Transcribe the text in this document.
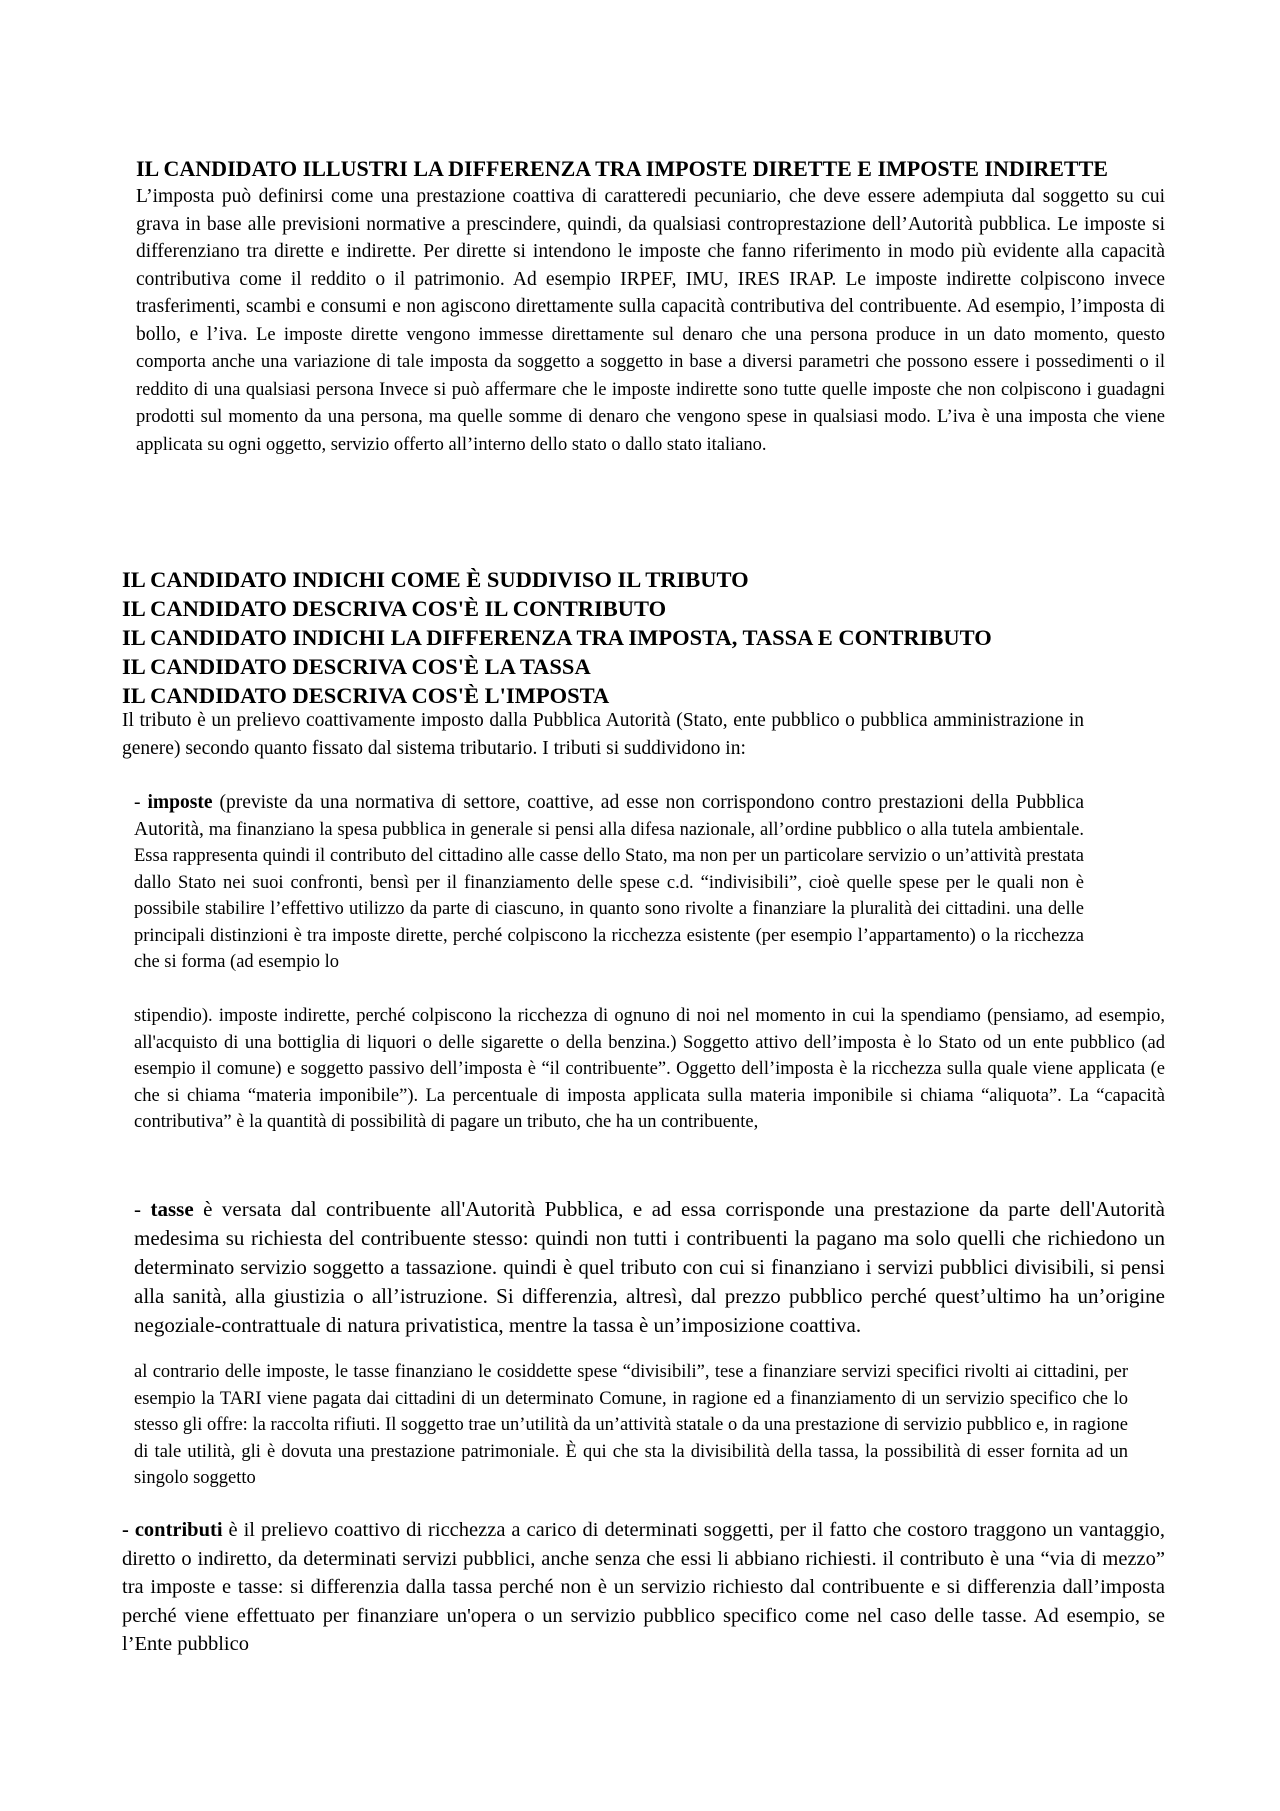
IL CANDIDATO ILLUSTRI LA DIFFERENZA TRA IMPOSTE DIRETTE E IMPOSTE INDIRETTE

L’imposta può definirsi come una prestazione coattiva di caratteredi pecuniario, che deve essere adempiuta dal soggetto su cui grava in base alle previsioni normative a prescindere, quindi, da qualsiasi controprestazione dell’Autorità pubblica. Le imposte si differenziano tra dirette e indirette. Per dirette si intendono le imposte che fanno riferimento in modo più evidente alla capacità contributiva come il reddito o il patrimonio. Ad esempio IRPEF, IMU, IRES IRAP. Le imposte indirette colpiscono invece trasferimenti, scambi e consumi e non agiscono direttamente sulla capacità contributiva del contribuente. Ad esempio, l’imposta di bollo, e l’iva. Le imposte dirette vengono immesse direttamente sul denaro che una persona produce in un dato momento, questo comporta anche una variazione di tale imposta da soggetto a soggetto in base a diversi parametri che possono essere i possedimenti o il reddito di una qualsiasi persona Invece si può affermare che le imposte indirette sono tutte quelle imposte che non colpiscono i guadagni prodotti sul momento da una persona, ma quelle somme di denaro che vengono spese in qualsiasi modo. L’iva è una imposta che viene applicata su ogni oggetto, servizio offerto all’interno dello stato o dallo stato italiano.

IL CANDIDATO INDICHI COME È SUDDIVISO IL TRIBUTO
IL CANDIDATO DESCRIVA COS'È IL CONTRIBUTO
IL CANDIDATO INDICHI LA DIFFERENZA TRA IMPOSTA, TASSA E CONTRIBUTO
IL CANDIDATO DESCRIVA COS'È LA TASSA
IL CANDIDATO DESCRIVA COS'È L'IMPOSTA

Il tributo è un prelievo coattivamente imposto dalla Pubblica Autorità (Stato, ente pubblico o pubblica amministrazione in genere) secondo quanto fissato dal sistema tributario. I tributi si suddividono in:

- imposte (previste da una normativa di settore, coattive, ad esse non corrispondono contro prestazioni della Pubblica Autorità, ma finanziano la spesa pubblica in generale si pensi alla difesa nazionale, all’ordine pubblico o alla tutela ambientale. Essa rappresenta quindi il contributo del cittadino alle casse dello Stato, ma non per un particolare servizio o un’attività prestata dallo Stato nei suoi confronti, bensì per il finanziamento delle spese c.d. “indivisibili”, cioè quelle spese per le quali non è possibile stabilire l’effettivo utilizzo da parte di ciascuno, in quanto sono rivolte a finanziare la pluralità dei cittadini. una delle principali distinzioni è tra imposte dirette, perché colpiscono la ricchezza esistente (per esempio l’appartamento) o la ricchezza che si forma (ad esempio lo

stipendio). imposte indirette, perché colpiscono la ricchezza di ognuno di noi nel momento in cui la spendiamo (pensiamo, ad esempio, all'acquisto di una bottiglia di liquori o delle sigarette o della benzina.) Soggetto attivo dell’imposta è lo Stato od un ente pubblico (ad esempio il comune) e soggetto passivo dell’imposta è “il contribuente”. Oggetto dell’imposta è la ricchezza sulla quale viene applicata (e che si chiama “materia imponibile”). La percentuale di imposta applicata sulla materia imponibile si chiama “aliquota”. La “capacità contributiva” è la quantità di possibilità di pagare un tributo, che ha un contribuente,

- tasse è versata dal contribuente all'Autorità Pubblica, e ad essa corrisponde una prestazione da parte dell'Autorità medesima su richiesta del contribuente stesso: quindi non tutti i contribuenti la pagano ma solo quelli che richiedono un determinato servizio soggetto a tassazione. quindi è quel tributo con cui si finanziano i servizi pubblici divisibili, si pensi alla sanità, alla giustizia o all’istruzione. Si differenzia, altresì, dal prezzo pubblico perché quest’ultimo ha un’origine negoziale-contrattuale di natura privatistica, mentre la tassa è un’imposizione coattiva.

al contrario delle imposte, le tasse finanziano le cosiddette spese “divisibili”, tese a finanziare servizi specifici rivolti ai cittadini, per esempio la TARI viene pagata dai cittadini di un determinato Comune, in ragione ed a finanziamento di un servizio specifico che lo stesso gli offre: la raccolta rifiuti. Il soggetto trae un’utilità da un’attività statale o da una prestazione di servizio pubblico e, in ragione di tale utilità, gli è dovuta una prestazione patrimoniale. È qui che sta la divisibilità della tassa, la possibilità di esser fornita ad un singolo soggetto

- contributi è il prelievo coattivo di ricchezza a carico di determinati soggetti, per il fatto che costoro traggono un vantaggio, diretto o indiretto, da determinati servizi pubblici, anche senza che essi li abbiano richiesti. il contributo è una “via di mezzo” tra imposte e tasse: si differenzia dalla tassa perché non è un servizio richiesto dal contribuente e si differenzia dall’imposta perché viene effettuato per finanziare un'opera o un servizio pubblico specifico come nel caso delle tasse. Ad esempio, se l’Ente pubblico
